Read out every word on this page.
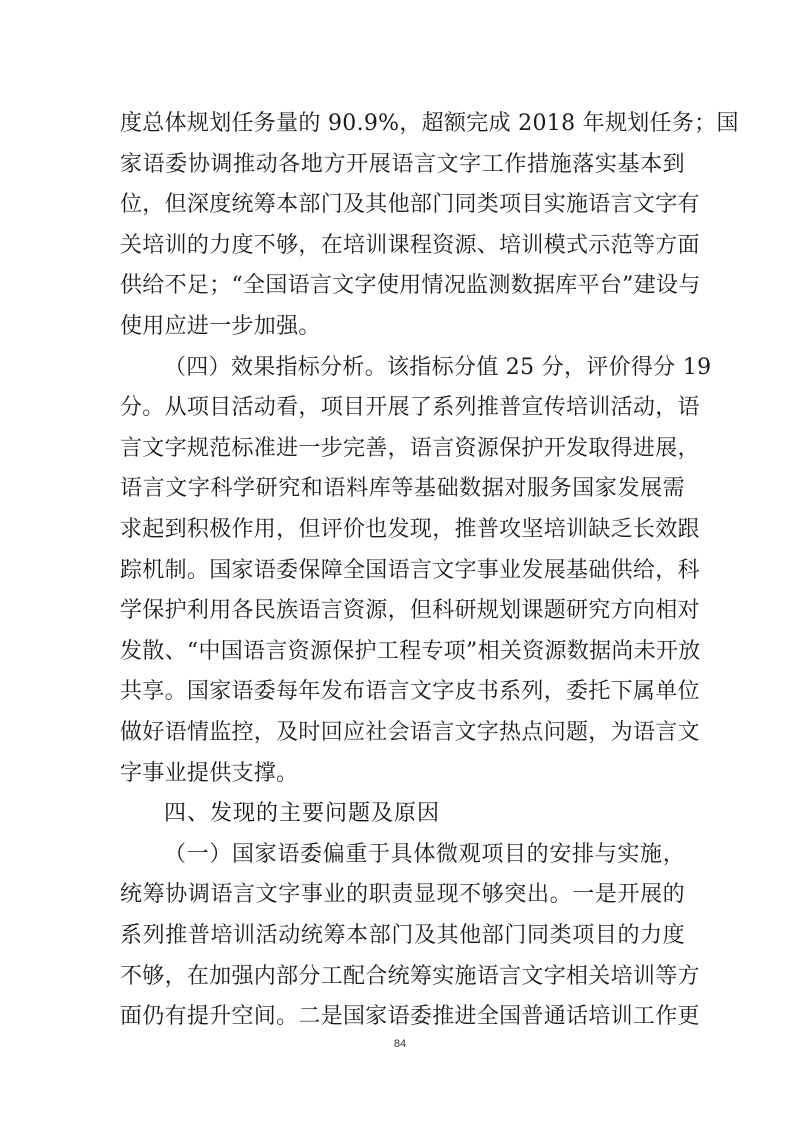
度总体规划任务量的 90.9%，超额完成 2018 年规划任务；国
家语委协调推动各地方开展语言文字工作措施落实基本到
位，但深度统筹本部门及其他部门同类项目实施语言文字有
关培训的力度不够，在培训课程资源、培训模式示范等方面
供给不足；“全国语言文字使用情况监测数据库平台”建设与
使用应进一步加强。
（四）效果指标分析。该指标分值 25 分，评价得分 19
分。从项目活动看，项目开展了系列推普宣传培训活动，语
言文字规范标准进一步完善，语言资源保护开发取得进展，
语言文字科学研究和语料库等基础数据对服务国家发展需
求起到积极作用，但评价也发现，推普攻坚培训缺乏长效跟
踪机制。国家语委保障全国语言文字事业发展基础供给，科
学保护利用各民族语言资源，但科研规划课题研究方向相对
发散、“中国语言资源保护工程专项”相关资源数据尚未开放
共享。国家语委每年发布语言文字皮书系列，委托下属单位
做好语情监控，及时回应社会语言文字热点问题，为语言文
字事业提供支撑。
四、发现的主要问题及原因
（一）国家语委偏重于具体微观项目的安排与实施，
统筹协调语言文字事业的职责显现不够突出。一是开展的
系列推普培训活动统筹本部门及其他部门同类项目的力度
不够，在加强内部分工配合统筹实施语言文字相关培训等方
面仍有提升空间。二是国家语委推进全国普通话培训工作更
84
